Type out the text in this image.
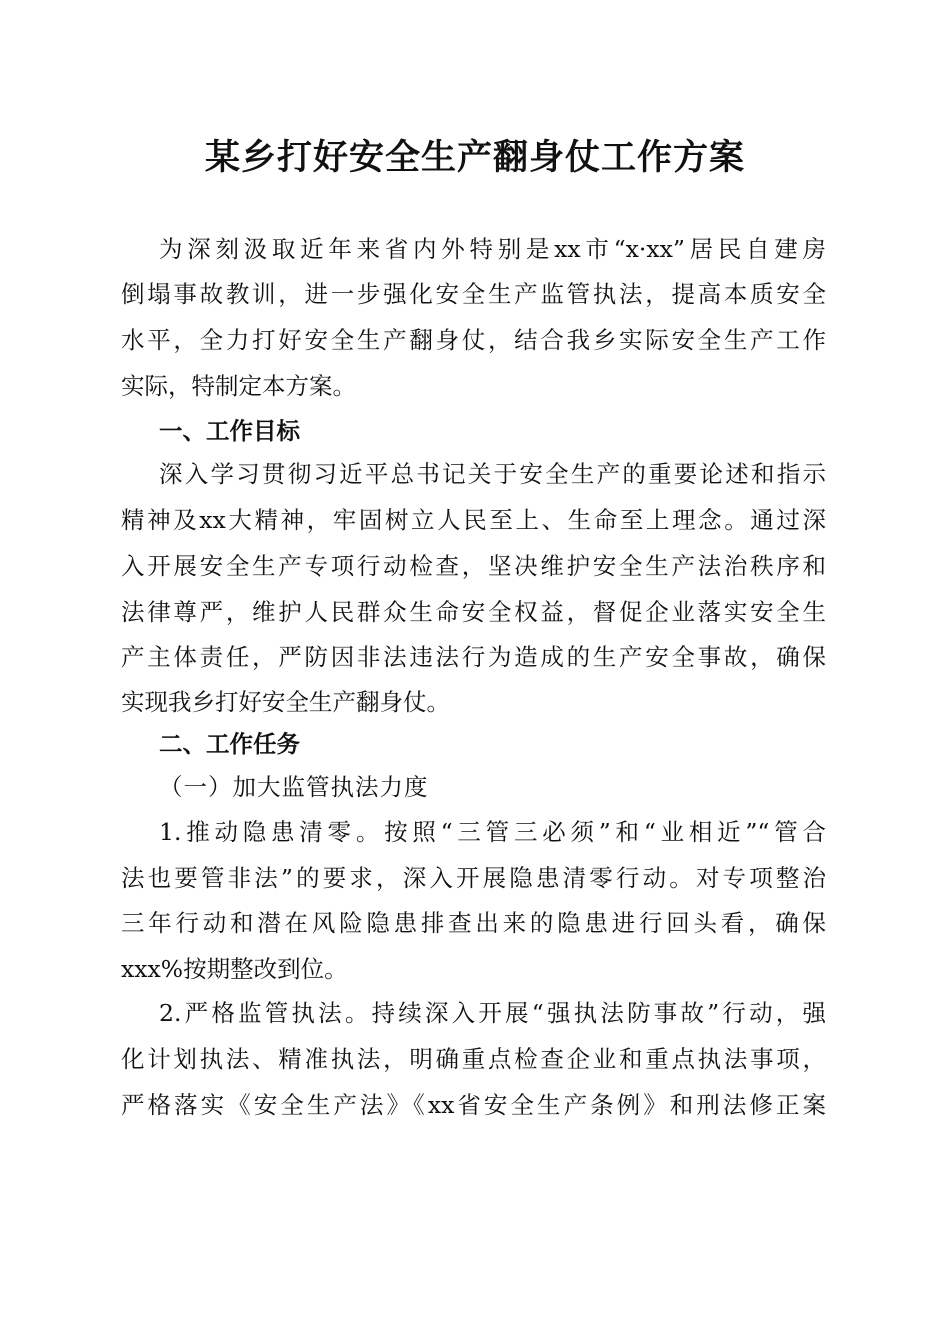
某乡打好安全生产翻身仗工作方案
为深刻汲取近年来省内外特别是xx市“x·xx”居民自建房
倒塌事故教训，进一步强化安全生产监管执法，提高本质安全
水平，全力打好安全生产翻身仗，结合我乡实际安全生产工作
实际，特制定本方案。
一、工作目标
深入学习贯彻习近平总书记关于安全生产的重要论述和指示
精神及xx大精神，牢固树立人民至上、生命至上理念。通过深
入开展安全生产专项行动检查，坚决维护安全生产法治秩序和
法律尊严，维护人民群众生命安全权益，督促企业落实安全生
产主体责任，严防因非法违法行为造成的生产安全事故，确保
实现我乡打好安全生产翻身仗。
二、工作任务
（一）加大监管执法力度
1.推动隐患清零。按照“三管三必须”和“业相近”“管合
法也要管非法”的要求，深入开展隐患清零行动。对专项整治
三年行动和潜在风险隐患排查出来的隐患进行回头看，确保
xxx%按期整改到位。
2.严格监管执法。持续深入开展“强执法防事故”行动，强
化计划执法、精准执法，明确重点检查企业和重点执法事项，
严格落实《安全生产法》《xx省安全生产条例》和刑法修正案
